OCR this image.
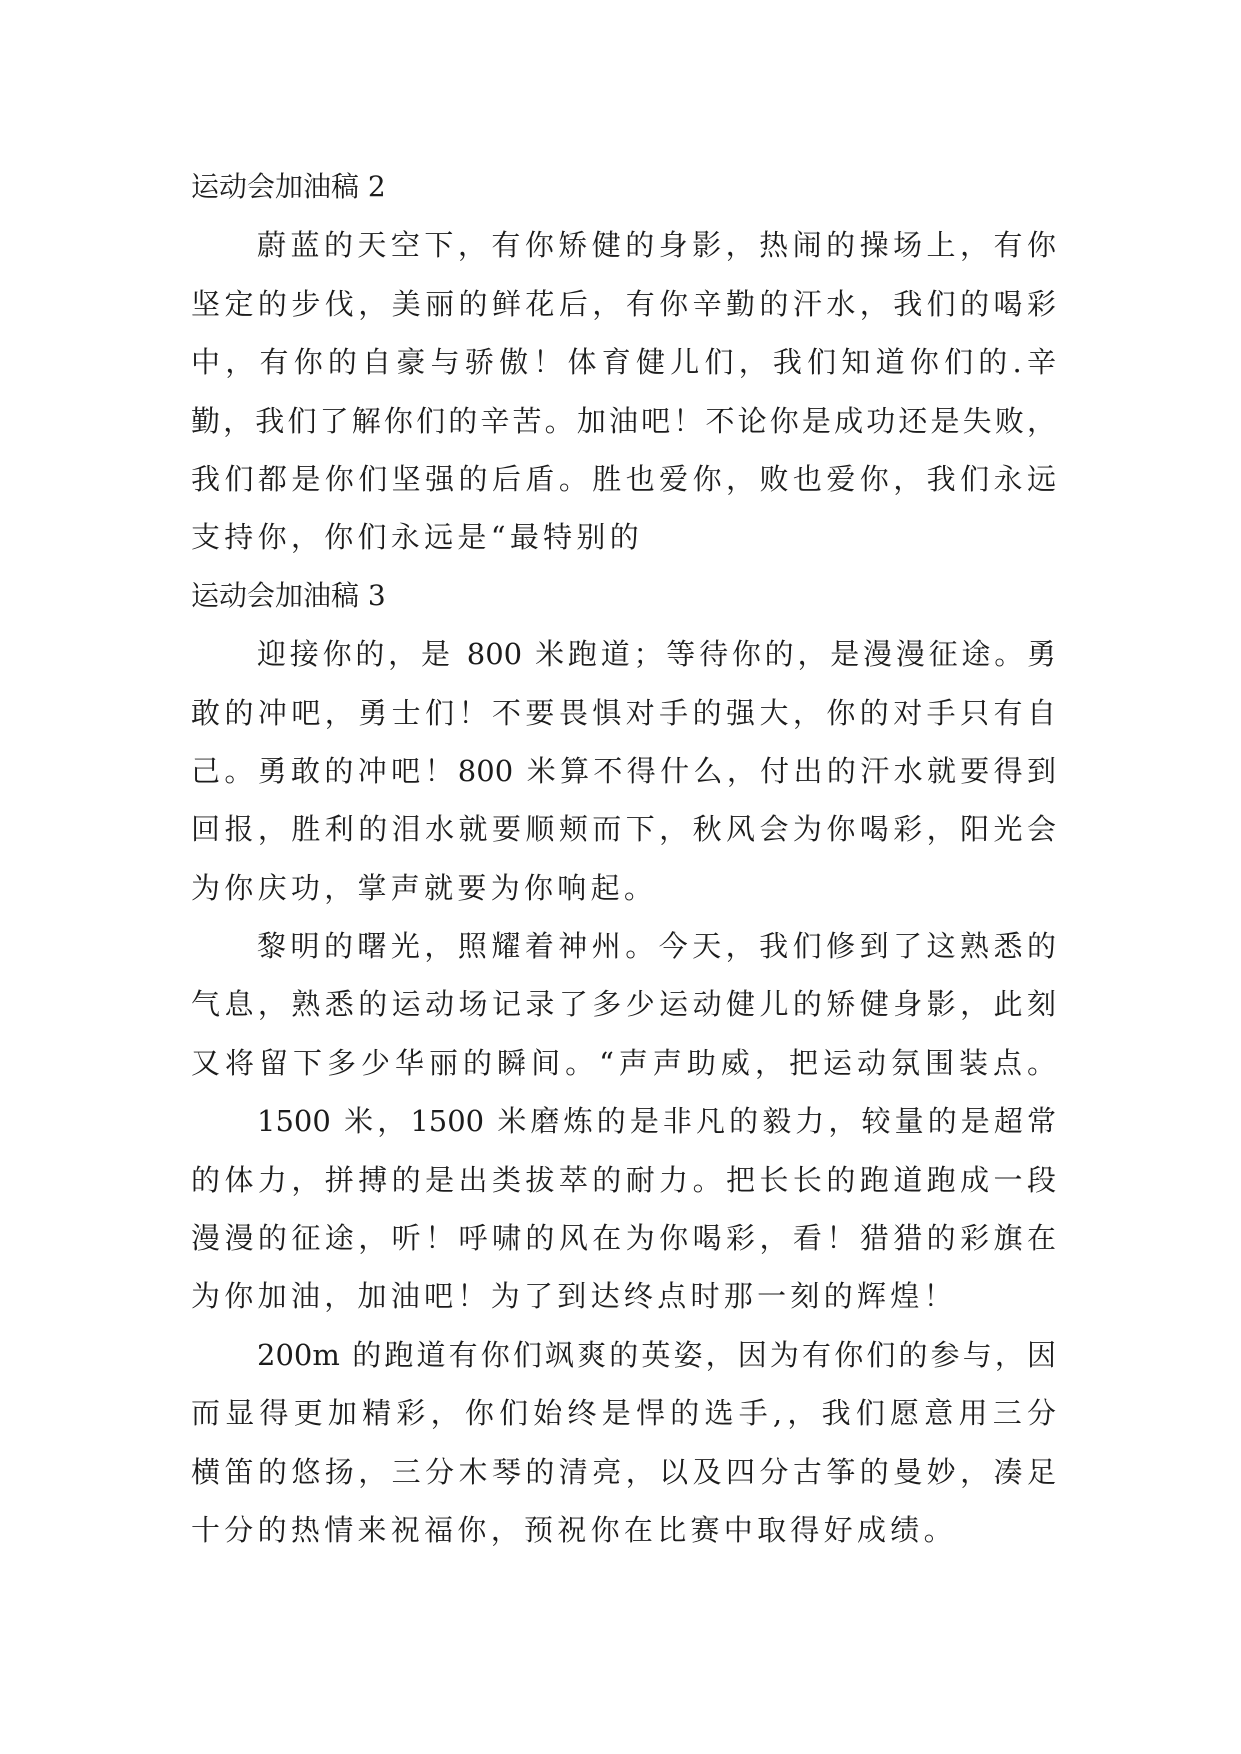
运动会加油稿 2
蔚蓝的天空下，有你矫健的身影，热闹的操场上，有你
坚定的步伐，美丽的鲜花后，有你辛勤的汗水，我们的喝彩
中，有你的自豪与骄傲！体育健儿们，我们知道你们的.辛
勤，我们了解你们的辛苦。加油吧！不论你是成功还是失败，
我们都是你们坚强的后盾。胜也爱你，败也爱你，我们永远
支持你，你们永远是“最特别的
运动会加油稿 3
迎接你的，是 800 米跑道；等待你的，是漫漫征途。勇
敢的冲吧，勇士们！不要畏惧对手的强大，你的对手只有自
己。勇敢的冲吧！800 米算不得什么，付出的汗水就要得到
回报，胜利的泪水就要顺颊而下，秋风会为你喝彩，阳光会
为你庆功，掌声就要为你响起。
黎明的曙光，照耀着神州。今天，我们修到了这熟悉的
气息，熟悉的运动场记录了多少运动健儿的矫健身影，此刻
又将留下多少华丽的瞬间。“声声助威，把运动氛围装点。
1500 米，1500 米磨炼的是非凡的毅力，较量的是超常
的体力，拼搏的是出类拔萃的耐力。把长长的跑道跑成一段
漫漫的征途，听！呼啸的风在为你喝彩，看！猎猎的彩旗在
为你加油，加油吧！为了到达终点时那一刻的辉煌！
200m 的跑道有你们飒爽的英姿，因为有你们的参与，因
而显得更加精彩，你们始终是悍的选手,，我们愿意用三分
横笛的悠扬，三分木琴的清亮，以及四分古筝的曼妙，凑足
十分的热情来祝福你，预祝你在比赛中取得好成绩。
